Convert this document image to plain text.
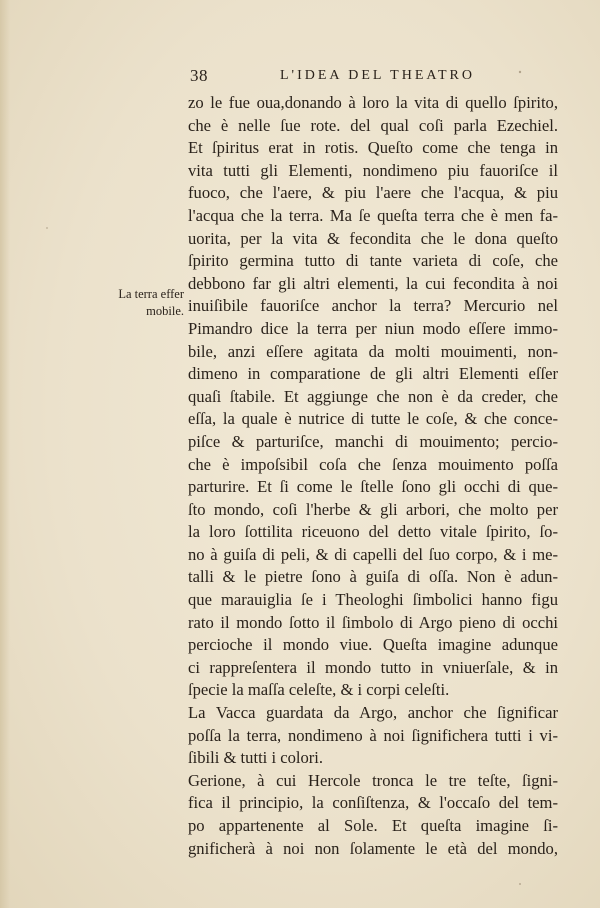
38	L'IDEA DEL THEATRO
La terra effer
mobile.
zo le fue oua,donando à loro la vita di quello ſpirito,
che è nelle ſue rote. del qual coſi parla Ezechiel.
Et ſpiritus erat in rotis. Queſto come che tenga in
vita tutti gli Elementi, nondimeno piu fauoriſce il
fuoco, che l'aere, & piu l'aere che l'acqua, & piu
l'acqua che la terra. Ma ſe queſta terra che è men fa-
uorita, per la vita & fecondita che le dona queſto
ſpirito germina tutto di tante varieta di coſe, che
debbono far gli altri elementi, la cui fecondita à noi
inuiſibile fauoriſce anchor la terra? Mercurio nel
Pimandro dice la terra per niun modo eſſere immo-
bile, anzi eſſere agitata da molti mouimenti, non-
dimeno in comparatione de gli altri Elementi eſſer
quaſi ſtabile. Et aggiunge che non è da creder, che
eſſa, la quale è nutrice di tutte le coſe, & che conce-
piſce & parturiſce, manchi di mouimento; percio-
che è impoſsibil coſa che ſenza mouimento poſſa
parturire. Et ſi come le ſtelle ſono gli occhi di que-
ſto mondo, coſi l'herbe & gli arbori, che molto per
la loro ſottilita riceuono del detto vitale ſpirito, ſo-
no à guiſa di peli, & di capelli del ſuo corpo, & i me-
talli & le pietre ſono à guiſa di oſſa. Non è adun-
que marauiglia ſe i Theologhi ſimbolici hanno figu
rato il mondo ſotto il ſimbolo di Argo pieno di occhi
percioche il mondo viue. Queſta imagine adunque
ci rappreſentera il mondo tutto in vniuerſale, & in
ſpecie la maſſa celeſte, & i corpi celeſti.
La Vacca guardata da Argo, anchor che ſignificar
poſſa la terra, nondimeno à noi ſignifichera tutti i vi-
ſibili & tutti i colori.
Gerione, à cui Hercole tronca le tre teſte, ſigni-
fica il principio, la conſiſtenza, & l'occaſo del tem-
po appartenente al Sole. Et queſta imagine ſi-
gnificherà à noi non ſolamente le età del mondo,
